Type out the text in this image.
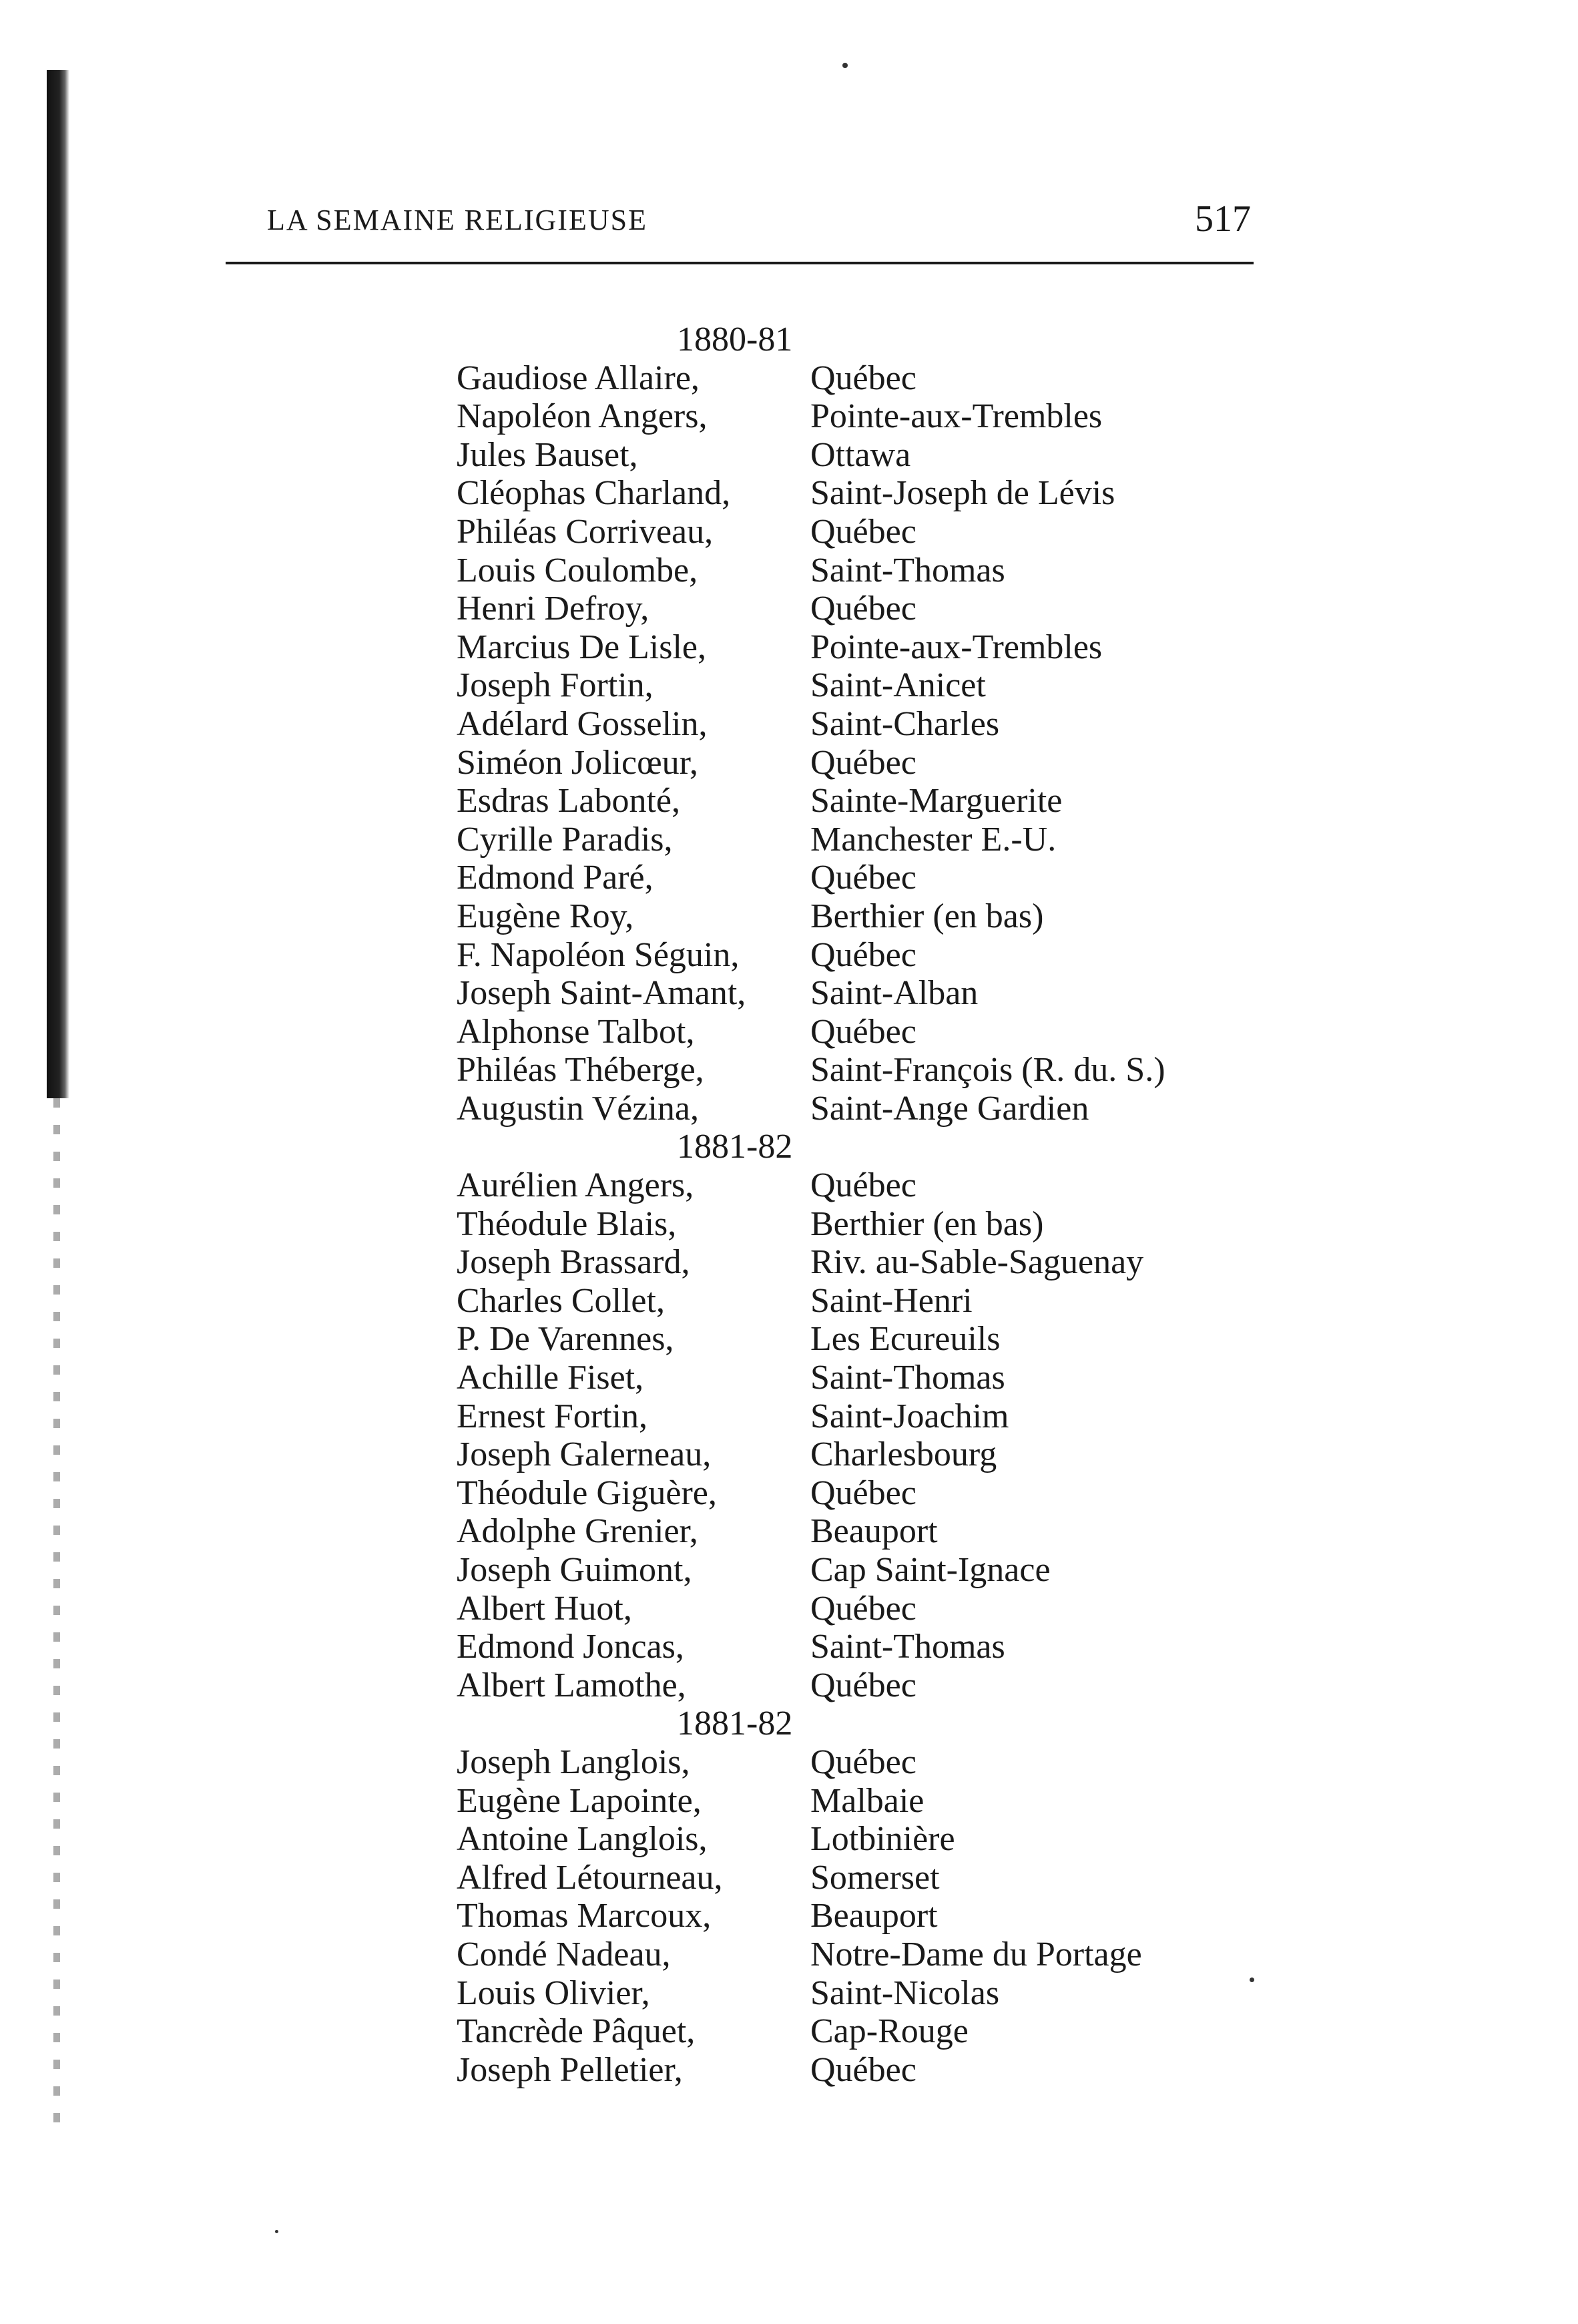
LA SEMAINE RELIGIEUSE	517
1880-81
Gaudiose Allaire,	Québec
Napoléon Angers,	Pointe-aux-Trembles
Jules Bauset,	Ottawa
Cléophas Charland,	Saint-Joseph de Lévis
Philéas Corriveau,	Québec
Louis Coulombe,	Saint-Thomas
Henri Defroy,	Québec
Marcius De Lisle,	Pointe-aux-Trembles
Joseph Fortin,	Saint-Anicet
Adélard Gosselin,	Saint-Charles
Siméon Jolicœur,	Québec
Esdras Labonté,	Sainte-Marguerite
Cyrille Paradis,	Manchester E.-U.
Edmond Paré,	Québec
Eugène Roy,	Berthier (en bas)
F. Napoléon Séguin,	Québec
Joseph Saint-Amant,	Saint-Alban
Alphonse Talbot,	Québec
Philéas Théberge,	Saint-François (R. du. S.)
Augustin Vézina,	Saint-Ange Gardien
1881-82
Aurélien Angers,	Québec
Théodule Blais,	Berthier (en bas)
Joseph Brassard,	Riv. au-Sable-Saguenay
Charles Collet,	Saint-Henri
P. De Varennes,	Les Ecureuils
Achille Fiset,	Saint-Thomas
Ernest Fortin,	Saint-Joachim
Joseph Galerneau,	Charlesbourg
Théodule Giguère,	Québec
Adolphe Grenier,	Beauport
Joseph Guimont,	Cap Saint-Ignace
Albert Huot,	Québec
Edmond Joncas,	Saint-Thomas
Albert Lamothe,	Québec
1881-82
Joseph Langlois,	Québec
Eugène Lapointe,	Malbaie
Antoine Langlois,	Lotbinière
Alfred Létourneau,	Somerset
Thomas Marcoux,	Beauport
Condé Nadeau,	Notre-Dame du Portage
Louis Olivier,	Saint-Nicolas
Tancrède Pâquet,	Cap-Rouge
Joseph Pelletier,	Québec
